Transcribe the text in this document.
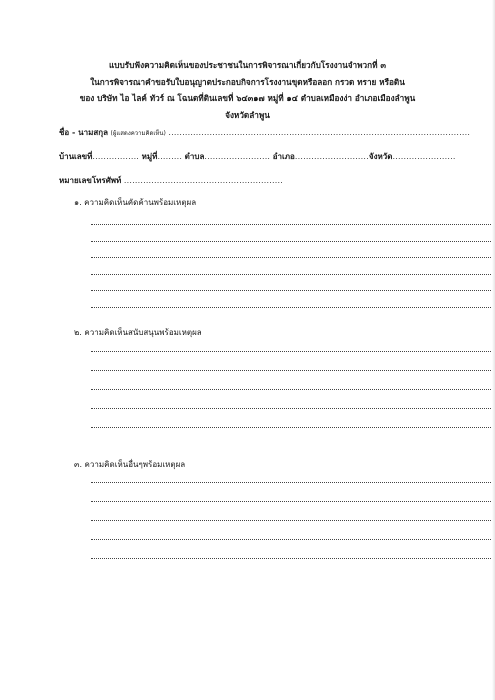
แบบรับฟังความคิดเห็นของประชาชนในการพิจารณาเกี่ยวกับโรงงานจำพวกที่ ๓
ในการพิจารณาคำขอรับใบอนุญาตประกอบกิจการโรงงานขุดหรือลอก กรวด ทราย หรือดิน
ของ บริษัท ไอ ไลค์ ทัวร์ ณ โฉนดที่ดินเลขที่ ๖๔๓๑๗ หมู่ที่ ๑๔ ตำบลเหมืองง่า อำเภอเมืองลำพูน
จังหวัดลำพูน
ชื่อ - นามสกุล (ผู้แสดงความคิดเห็น) ..............................................................................................................
บ้านเลขที่................. หมู่ที่......... ตำบล........................ อำเภอ...........................จังหวัด.......................
หมายเลขโทรศัพท์ ..........................................................
๑. ความคิดเห็นคัดค้านพร้อมเหตุผล
๒. ความคิดเห็นสนับสนุนพร้อมเหตุผล
๓. ความคิดเห็นอื่นๆพร้อมเหตุผล
